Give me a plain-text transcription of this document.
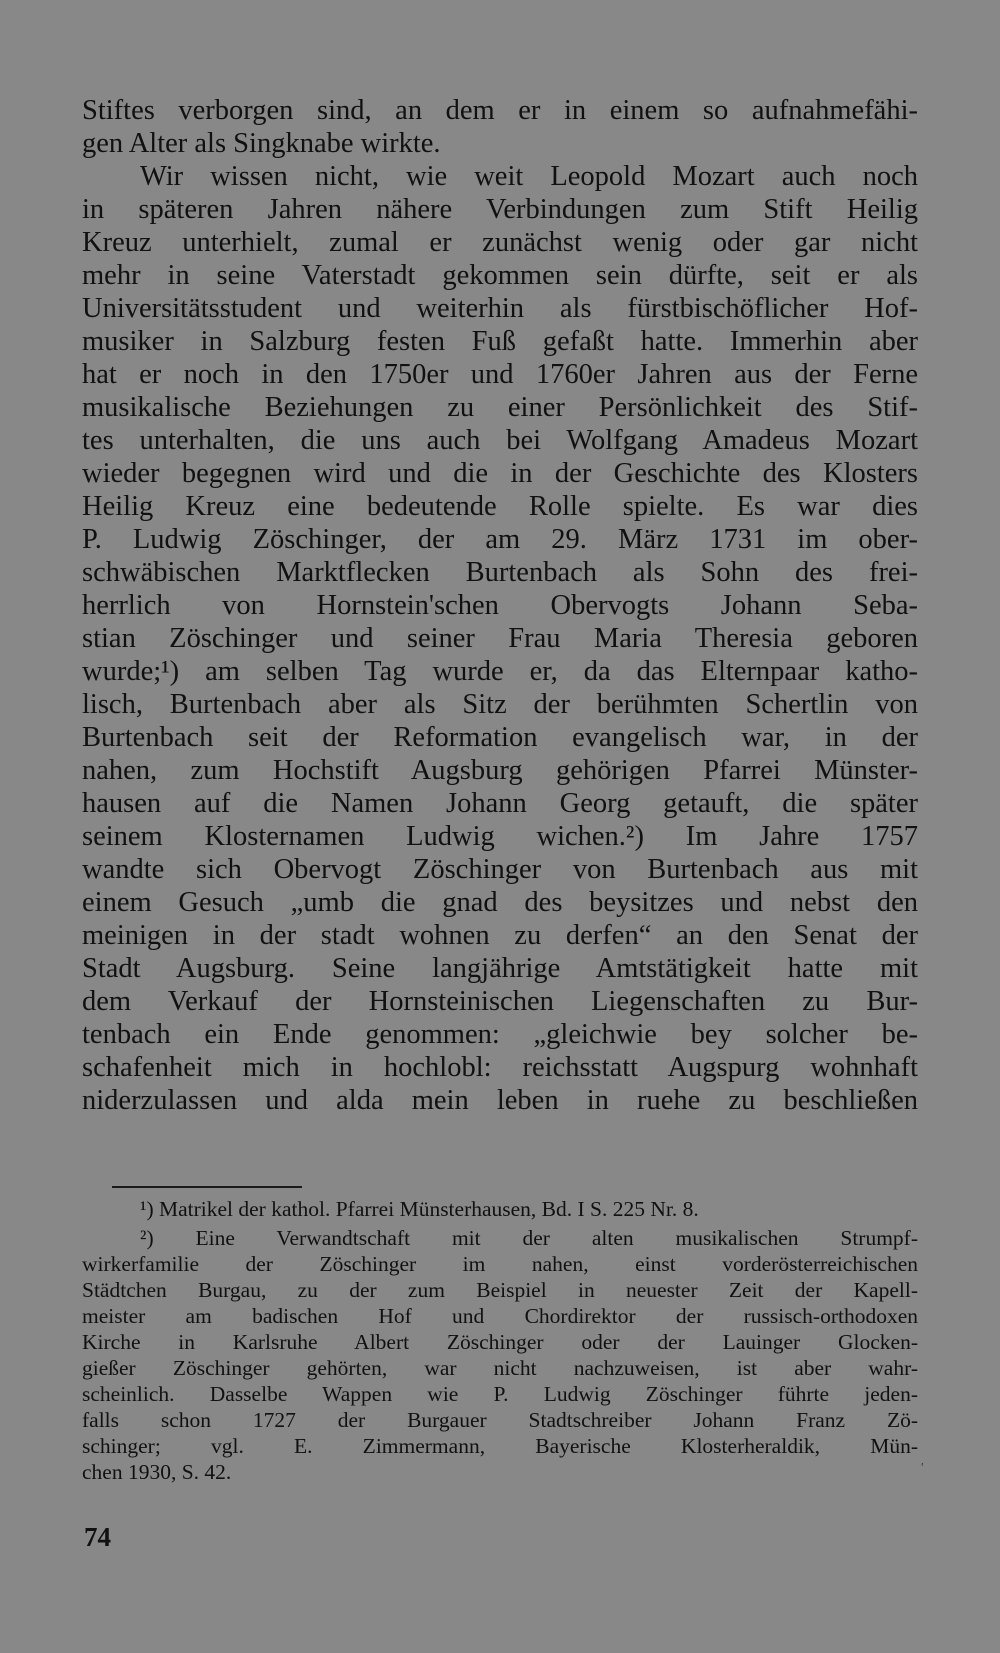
Stiftes verborgen sind, an dem er in einem so aufnahmefähi-
gen Alter als Singknabe wirkte.
Wir wissen nicht, wie weit Leopold Mozart auch noch
in späteren Jahren nähere Verbindungen zum Stift Heilig
Kreuz unterhielt, zumal er zunächst wenig oder gar nicht
mehr in seine Vaterstadt gekommen sein dürfte, seit er als
Universitätsstudent und weiterhin als fürstbischöflicher Hof-
musiker in Salzburg festen Fuß gefaßt hatte. Immerhin aber
hat er noch in den 1750er und 1760er Jahren aus der Ferne
musikalische Beziehungen zu einer Persönlichkeit des Stif-
tes unterhalten, die uns auch bei Wolfgang Amadeus Mozart
wieder begegnen wird und die in der Geschichte des Klosters
Heilig Kreuz eine bedeutende Rolle spielte. Es war dies
P. Ludwig Zöschinger, der am 29. März 1731 im ober-
schwäbischen Marktflecken Burtenbach als Sohn des frei-
herrlich von Hornstein'schen Obervogts Johann Seba-
stian Zöschinger und seiner Frau Maria Theresia geboren
wurde;¹) am selben Tag wurde er, da das Elternpaar katho-
lisch, Burtenbach aber als Sitz der berühmten Schertlin von
Burtenbach seit der Reformation evangelisch war, in der
nahen, zum Hochstift Augsburg gehörigen Pfarrei Münster-
hausen auf die Namen Johann Georg getauft, die später
seinem Klosternamen Ludwig wichen.²) Im Jahre 1757
wandte sich Obervogt Zöschinger von Burtenbach aus mit
einem Gesuch „umb die gnad des beysitzes und nebst den
meinigen in der stadt wohnen zu derfen“ an den Senat der
Stadt Augsburg. Seine langjährige Amtstätigkeit hatte mit
dem Verkauf der Hornsteinischen Liegenschaften zu Bur-
tenbach ein Ende genommen: „gleichwie bey solcher be-
schafenheit mich in hochlobl: reichsstatt Augspurg wohnhaft
niderzulassen und alda mein leben in ruehe zu beschließen
¹) Matrikel der kathol. Pfarrei Münsterhausen, Bd. I S. 225 Nr. 8.
²) Eine Verwandtschaft mit der alten musikalischen Strumpf-
wirkerfamilie der Zöschinger im nahen, einst vorderösterreichischen
Städtchen Burgau, zu der zum Beispiel in neuester Zeit der Kapell-
meister am badischen Hof und Chordirektor der russisch-orthodoxen
Kirche in Karlsruhe Albert Zöschinger oder der Lauinger Glocken-
gießer Zöschinger gehörten, war nicht nachzuweisen, ist aber wahr-
scheinlich. Dasselbe Wappen wie P. Ludwig Zöschinger führte jeden-
falls schon 1727 der Burgauer Stadtschreiber Johann Franz Zö-
schinger; vgl. E. Zimmermann, Bayerische Klosterheraldik, Mün-
chen 1930, S. 42.	ʿ
74
